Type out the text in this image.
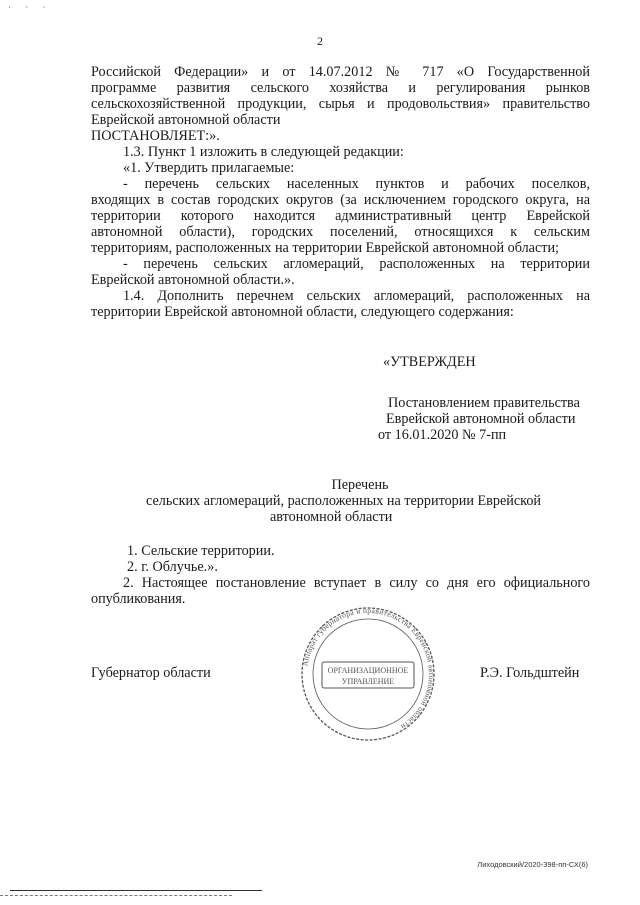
· · ·
2
Российской Федерации» и от 14.07.2012 № 717 «О Государственной
программе развития сельского хозяйства и регулирования рынков
сельскохозяйственной продукции, сырья и продовольствия» правительство
Еврейской автономной области
ПОСТАНОВЛЯЕТ:».
1.3. Пункт 1 изложить в следующей редакции:
«1. Утвердить прилагаемые:
- перечень сельских населенных пунктов и рабочих поселков,
входящих в состав городских округов (за исключением городского округа, на
территории которого находится административный центр Еврейской
автономной области), городских поселений, относящихся к сельским
территориям, расположенных на территории Еврейской автономной области;
- перечень сельских агломераций, расположенных на территории
Еврейской автономной области.».
1.4. Дополнить перечнем сельских агломераций, расположенных на
территории Еврейской автономной области, следующего содержания:
«УТВЕРЖДЕН
Постановлением правительства
Еврейской автономной области
от 16.01.2020 № 7-пп
Перечень
сельских агломераций, расположенных на территории Еврейской
автономной области
1. Сельские территории.
2. г. Облучье.».
2. Настоящее постановление вступает в силу со дня его официального
опубликования.
Губернатор области	Р.Э. Гольдштейн
Аппарат губернатора и правительства Еврейской автономной области
ОРГАНИЗАЦИОННОЕ
УПРАВЛЕНИЕ
Лиходовский/2020-398-пп-СХ(6)
